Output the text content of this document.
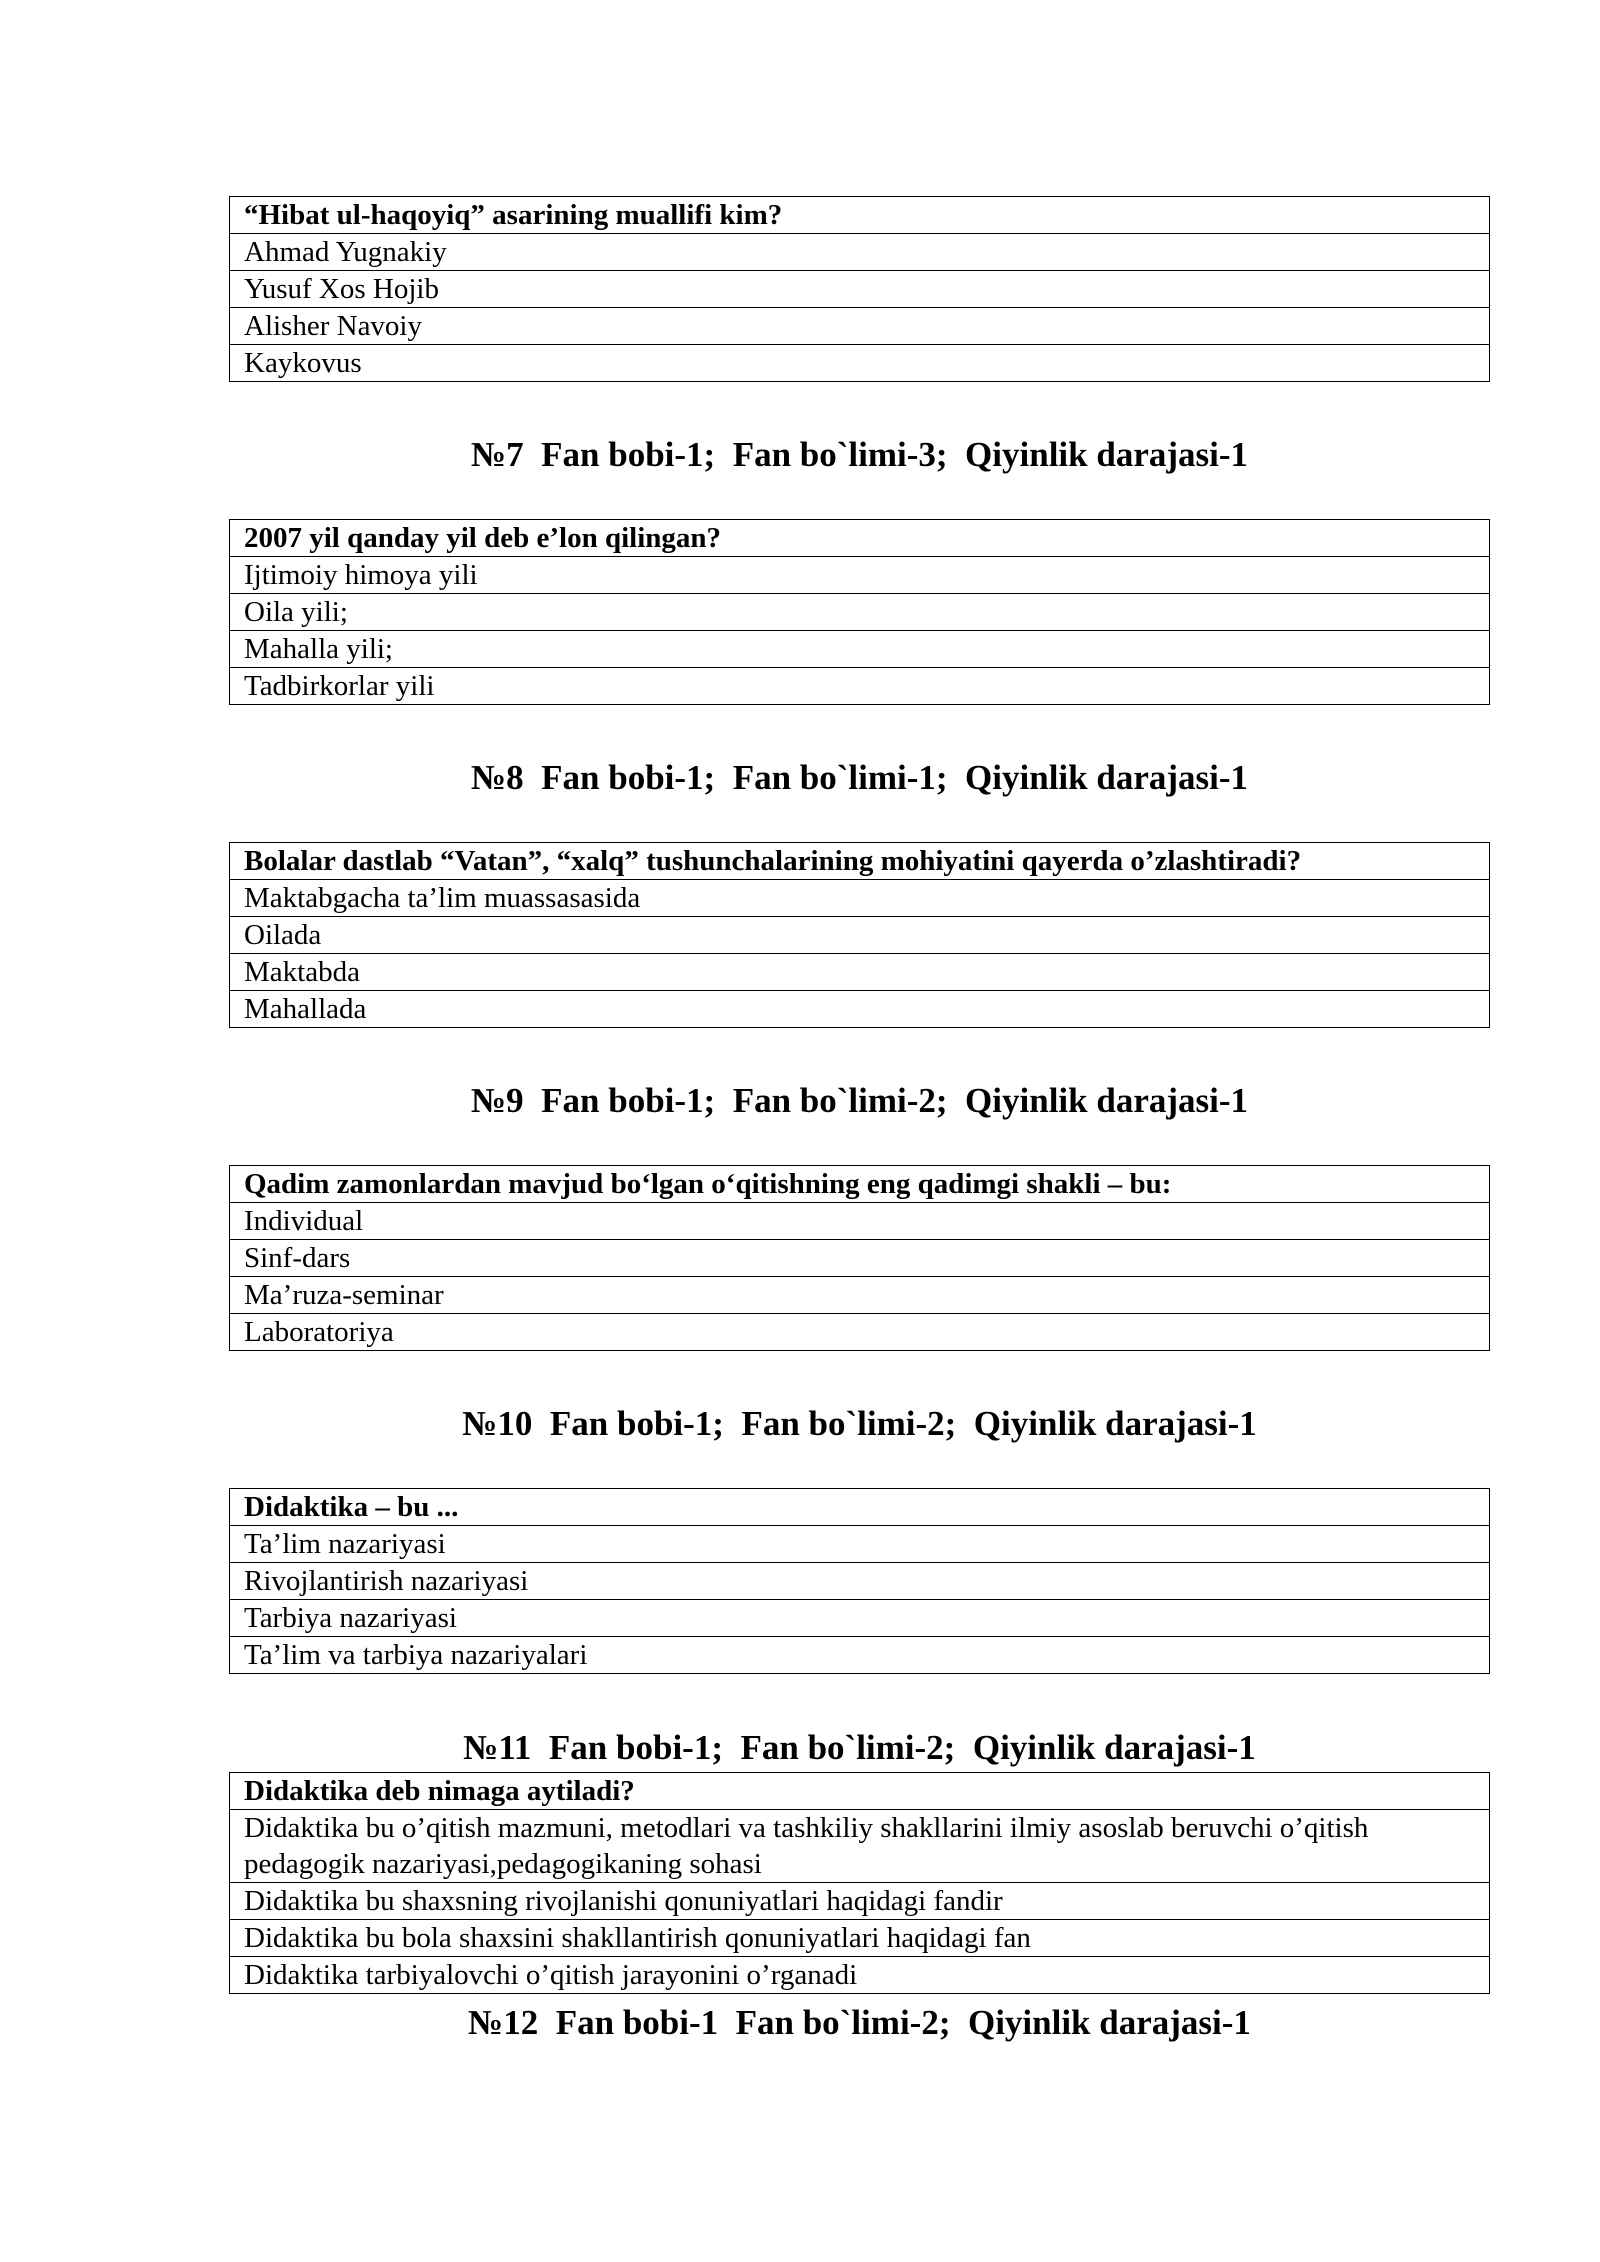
“Hibat ul-haqoyiq” asarining muallifi kim?
Ahmad Yugnakiy
Yusuf Xos Hojib
Alisher Navoiy
Kaykovus
№7  Fan bobi-1;  Fan bo`limi-3;  Qiyinlik darajasi-1
2007 yil qanday yil deb e’lon qilingan?
Ijtimoiy himoya yili
Oila yili;
Mahalla yili;
Tadbirkorlar yili
№8  Fan bobi-1;  Fan bo`limi-1;  Qiyinlik darajasi-1
Bolalar dastlab “Vatan”, “xalq” tushunchalarining mohiyatini qayerda o’zlashtiradi?
Maktabgacha ta’lim muassasasida
Oilada
Maktabda
Mahallada
№9  Fan bobi-1;  Fan bo`limi-2;  Qiyinlik darajasi-1
Qadim zamonlardan mavjud bo‘lgan o‘qitishning eng qadimgi shakli – bu:
Individual
Sinf-dars
Ma’ruza-seminar
Laboratoriya
№10  Fan bobi-1;  Fan bo`limi-2;  Qiyinlik darajasi-1
Didaktika – bu ...
Ta’lim nazariyasi
Rivojlantirish nazariyasi
Tarbiya nazariyasi
Ta’lim va tarbiya nazariyalari
№11  Fan bobi-1;  Fan bo`limi-2;  Qiyinlik darajasi-1
Didaktika deb nimaga aytiladi?
Didaktika bu o’qitish mazmuni, metodlari va tashkiliy shakllarini ilmiy asoslab beruvchi o’qitish pedagogik nazariyasi,pedagogikaning sohasi
Didaktika bu shaxsning rivojlanishi qonuniyatlari haqidagi fandir
Didaktika bu bola shaxsini shakllantirish qonuniyatlari haqidagi fan
Didaktika tarbiyalovchi o’qitish jarayonini o’rganadi
№12  Fan bobi-1  Fan bo`limi-2;  Qiyinlik darajasi-1
